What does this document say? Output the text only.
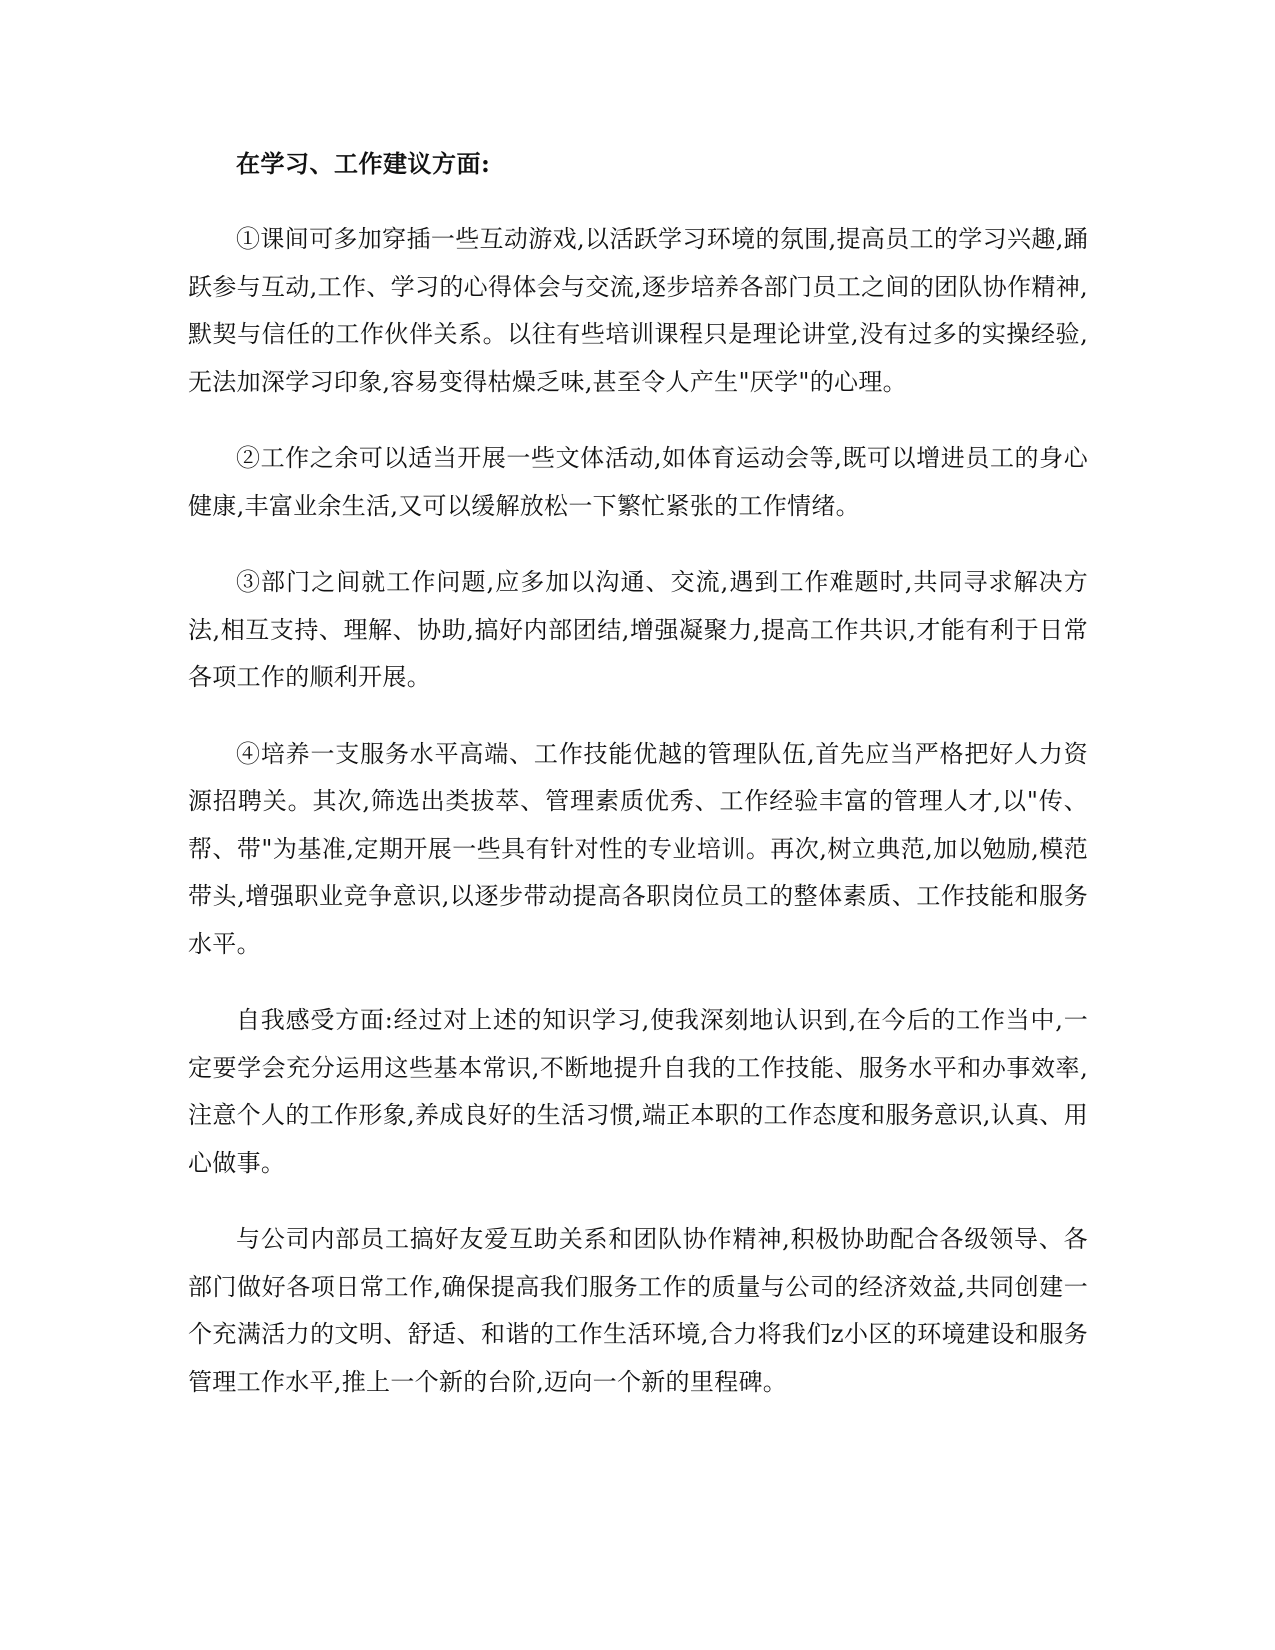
在学习、工作建议方面:

①课间可多加穿插一些互动游戏,以活跃学习环境的氛围,提高员工的学习兴趣,踊跃参与互动,工作、学习的心得体会与交流,逐步培养各部门员工之间的团队协作精神,默契与信任的工作伙伴关系。以往有些培训课程只是理论讲堂,没有过多的实操经验,无法加深学习印象,容易变得枯燥乏味,甚至令人产生"厌学"的心理。

②工作之余可以适当开展一些文体活动,如体育运动会等,既可以增进员工的身心健康,丰富业余生活,又可以缓解放松一下繁忙紧张的工作情绪。

③部门之间就工作问题,应多加以沟通、交流,遇到工作难题时,共同寻求解决方法,相互支持、理解、协助,搞好内部团结,增强凝聚力,提高工作共识,才能有利于日常各项工作的顺利开展。

④培养一支服务水平高端、工作技能优越的管理队伍,首先应当严格把好人力资源招聘关。其次,筛选出类拔萃、管理素质优秀、工作经验丰富的管理人才,以"传、帮、带"为基准,定期开展一些具有针对性的专业培训。再次,树立典范,加以勉励,模范带头,增强职业竞争意识,以逐步带动提高各职岗位员工的整体素质、工作技能和服务水平。

自我感受方面:经过对上述的知识学习,使我深刻地认识到,在今后的工作当中,一定要学会充分运用这些基本常识,不断地提升自我的工作技能、服务水平和办事效率,注意个人的工作形象,养成良好的生活习惯,端正本职的工作态度和服务意识,认真、用心做事。

与公司内部员工搞好友爱互助关系和团队协作精神,积极协助配合各级领导、各部门做好各项日常工作,确保提高我们服务工作的质量与公司的经济效益,共同创建一个充满活力的文明、舒适、和谐的工作生活环境,合力将我们z小区的环境建设和服务管理工作水平,推上一个新的台阶,迈向一个新的里程碑。
